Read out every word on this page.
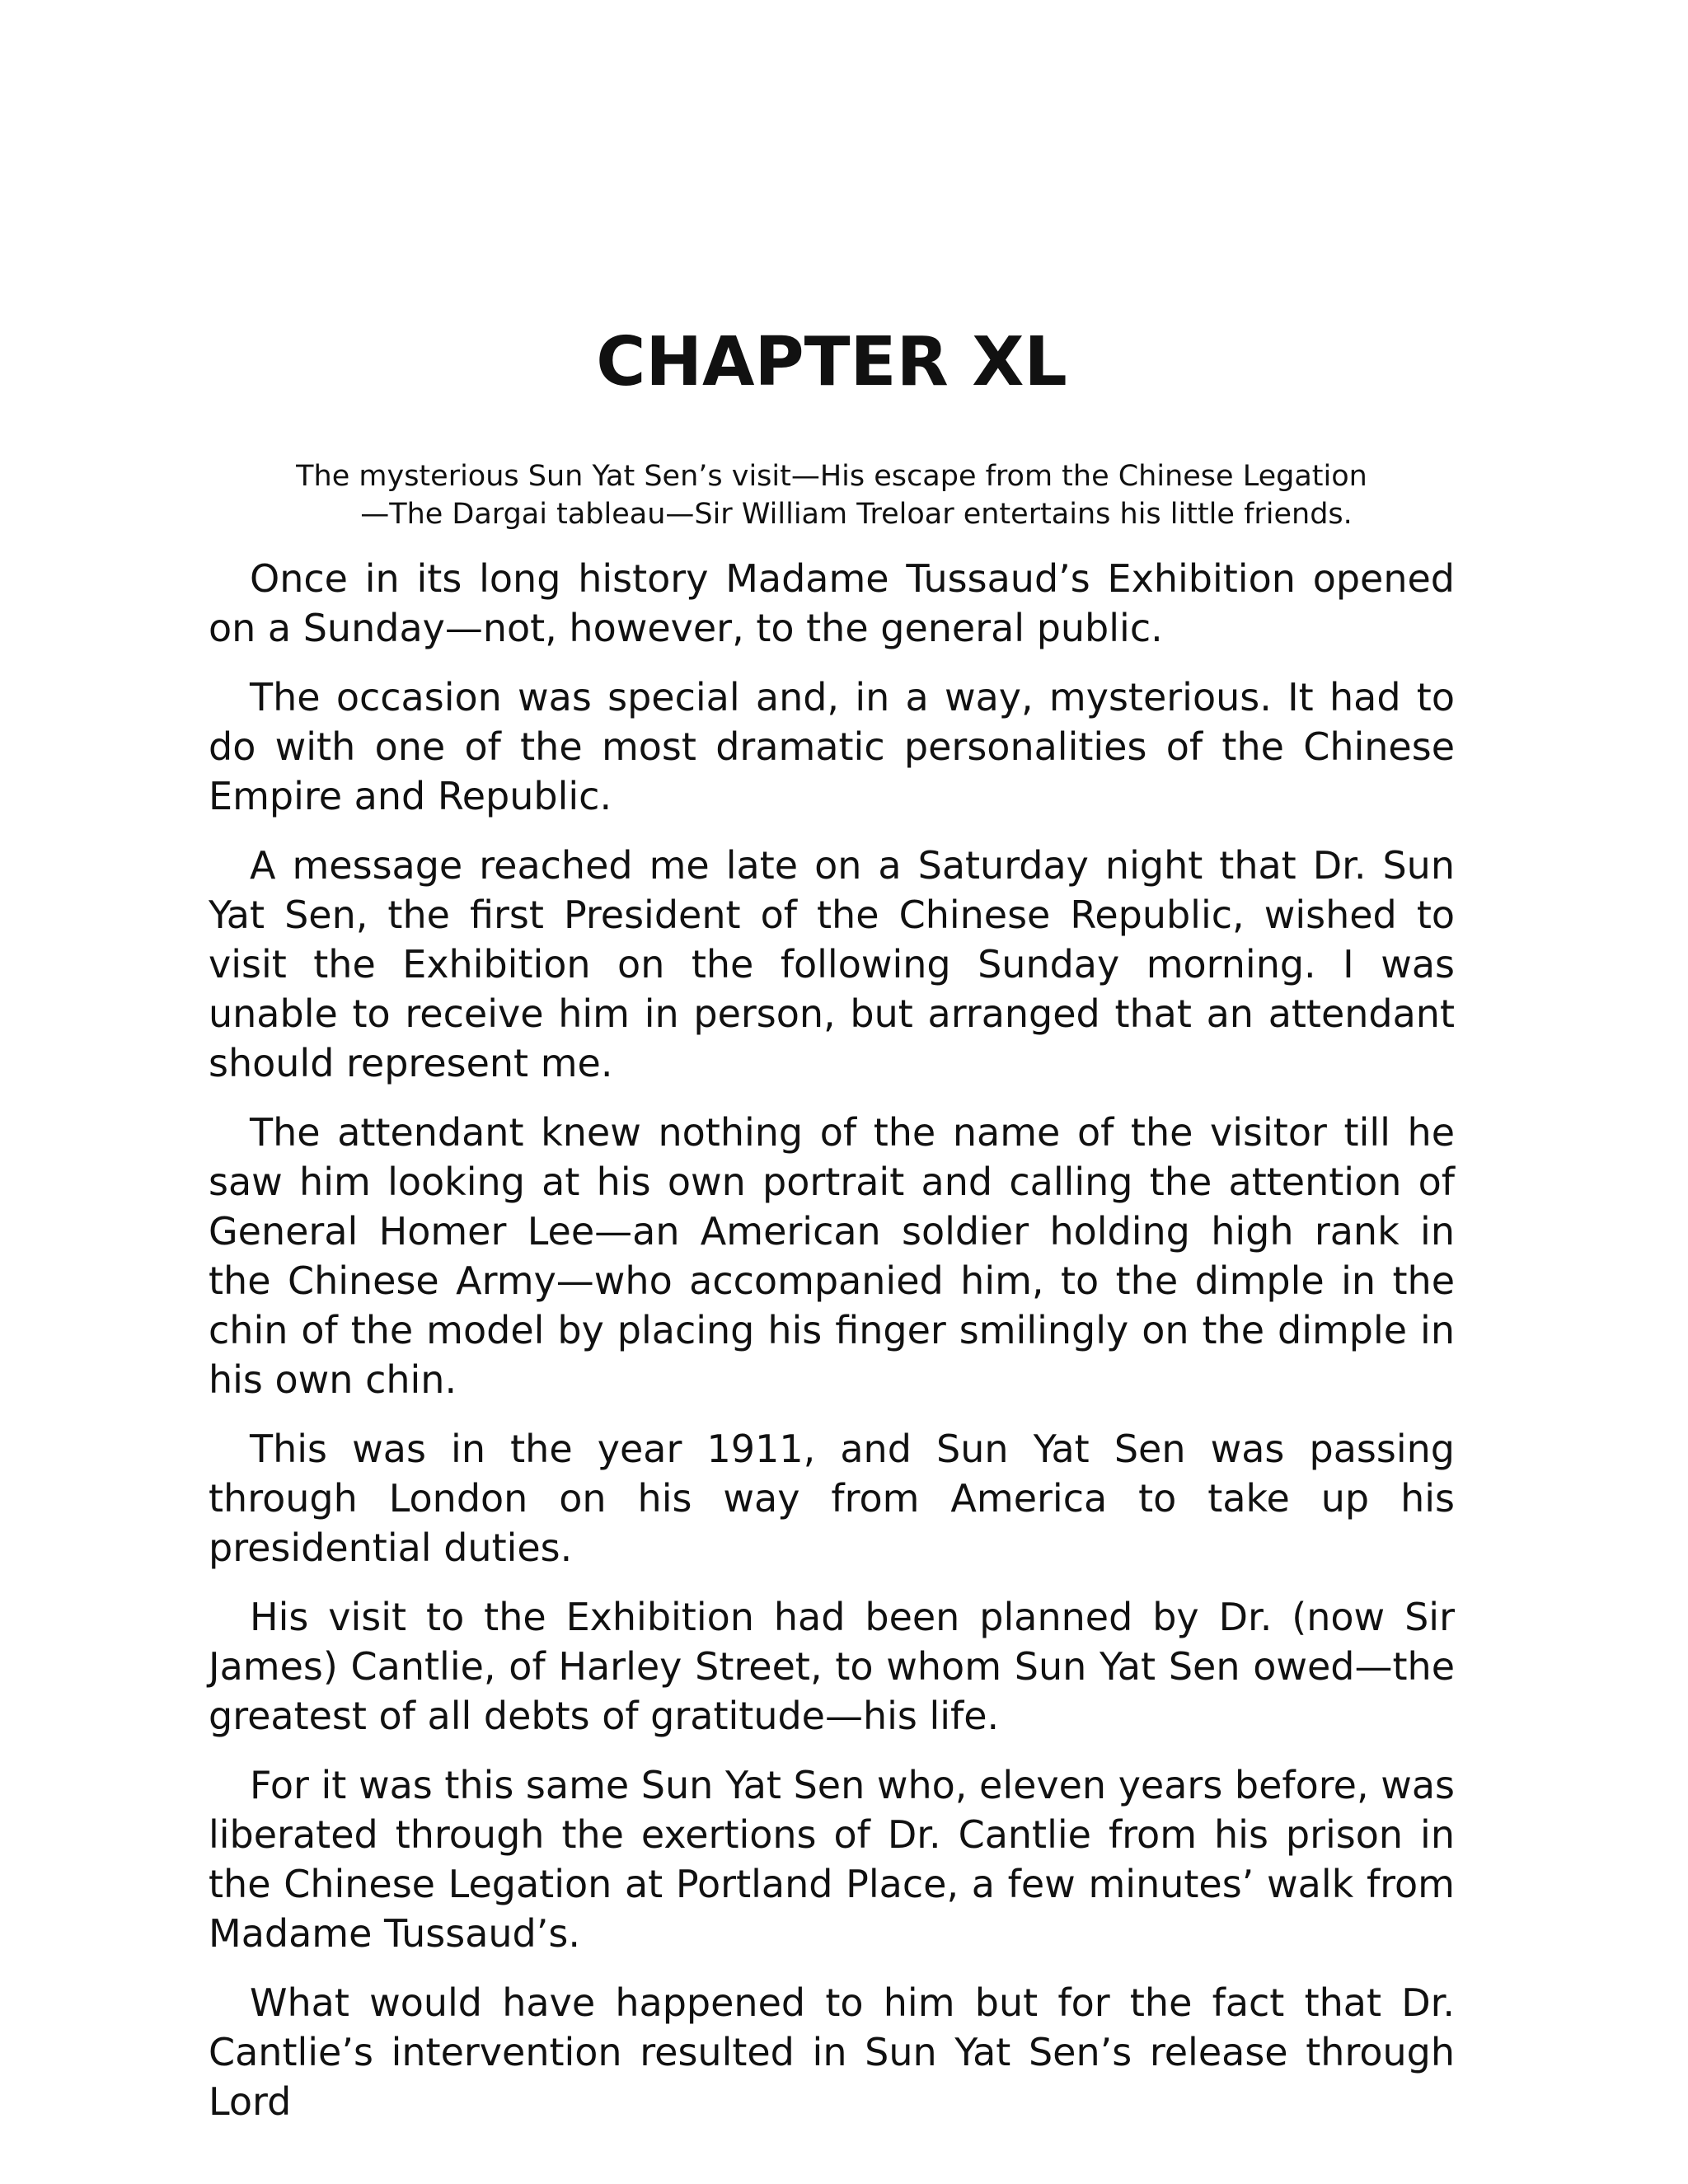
CHAPTER XL

The mysterious Sun Yat Sen’s visit—His escape from the Chinese Legation
—The Dargai tableau—Sir William Treloar entertains his little friends.

Once in its long history Madame Tussaud’s Exhibition opened on a Sunday—not, however, to the general public.

The occasion was special and, in a way, mysterious. It had to do with one of the most dramatic personalities of the Chinese Empire and Republic.

A message reached me late on a Saturday night that Dr. Sun Yat Sen, the first President of the Chinese Republic, wished to visit the Exhibition on the following Sunday morning. I was unable to receive him in person, but arranged that an attendant should represent me.

The attendant knew nothing of the name of the visitor till he saw him looking at his own portrait and calling the attention of General Homer Lee—an American soldier holding high rank in the Chinese Army—who accompanied him, to the dimple in the chin of the model by placing his finger smilingly on the dimple in his own chin.

This was in the year 1911, and Sun Yat Sen was passing through London on his way from America to take up his presidential duties.

His visit to the Exhibition had been planned by Dr. (now Sir James) Cantlie, of Harley Street, to whom Sun Yat Sen owed—the greatest of all debts of gratitude—his life.

For it was this same Sun Yat Sen who, eleven years before, was liberated through the exertions of Dr. Cantlie from his prison in the Chinese Legation at Portland Place, a few minutes’ walk from Madame Tussaud’s.

What would have happened to him but for the fact that Dr. Cantlie’s intervention resulted in Sun Yat Sen’s release through Lord
